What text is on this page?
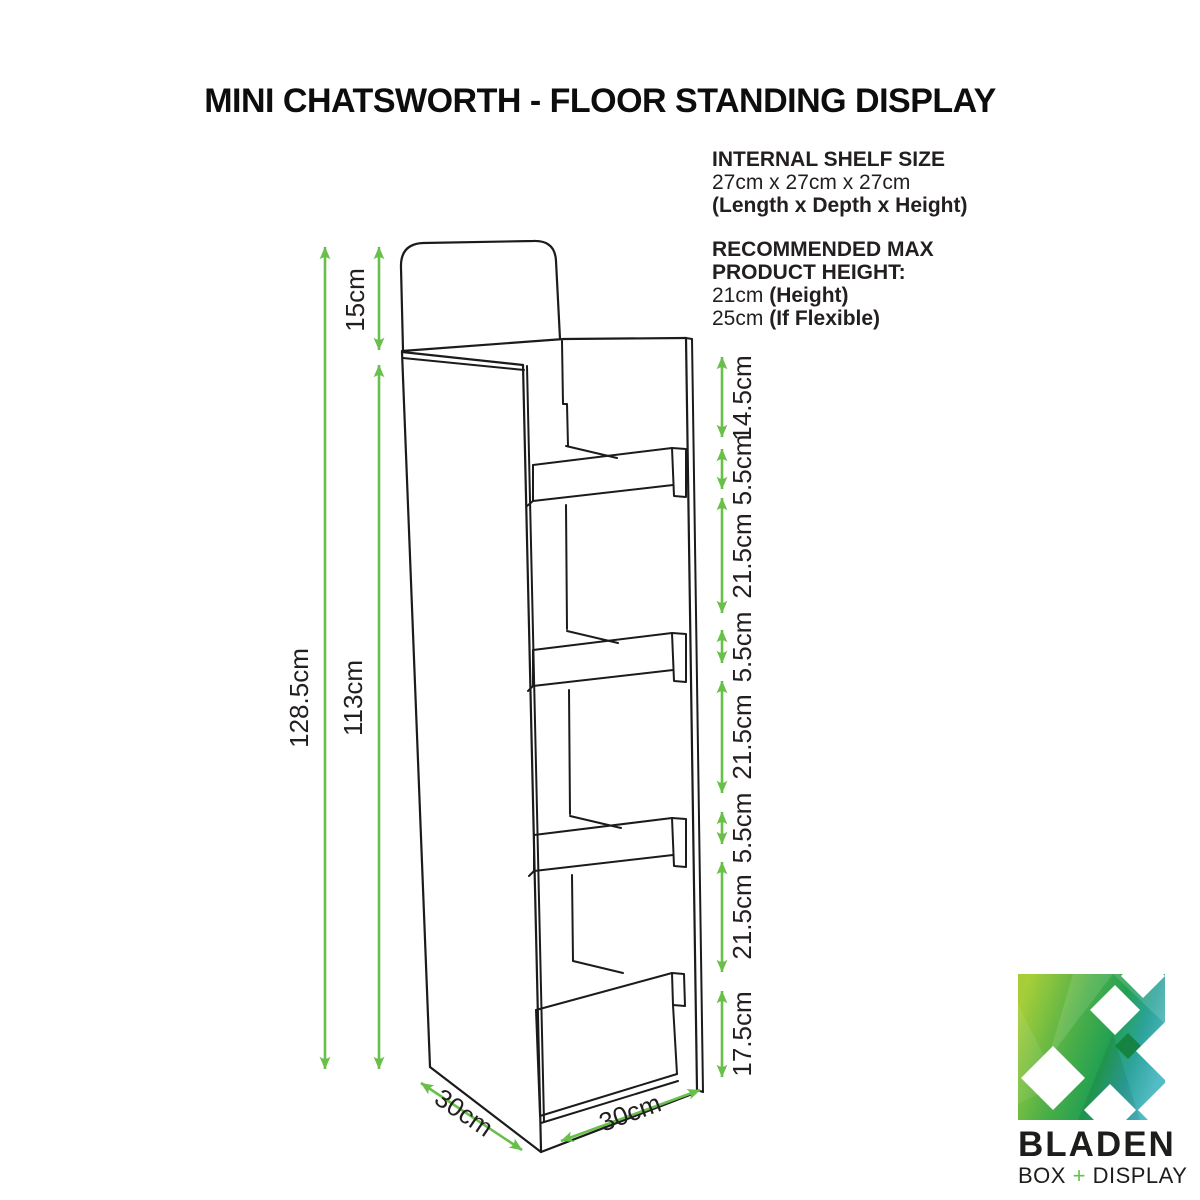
MINI CHATSWORTH - FLOOR STANDING DISPLAY
INTERNAL SHELF SIZE
27cm x 27cm x 27cm
(Length x Depth x Height)
RECOMMENDED MAX
PRODUCT HEIGHT:
21cm (Height)
25cm (If Flexible)
15cm
128.5cm 113cm
14.5cm
5.5cm
21.5cm
5.5cm
21.5cm
5.5cm
21.5cm
17.5cm
30cm	30cm
BLADEN
BOX + DISPLAY
